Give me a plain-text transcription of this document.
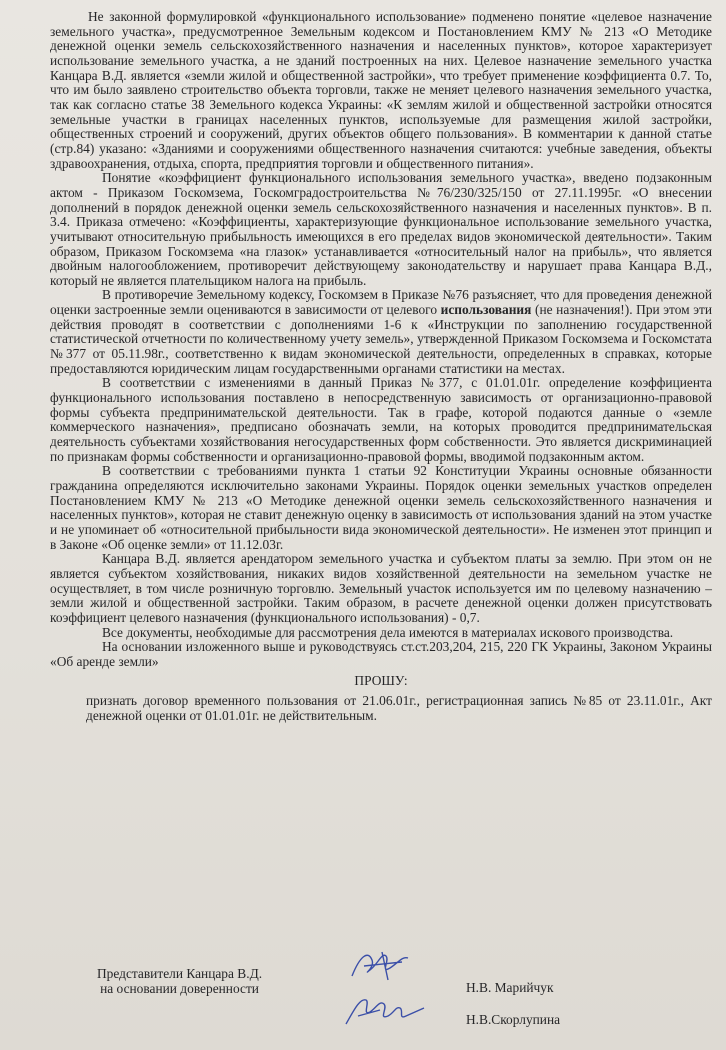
Не законной формулировкой «функционального использование» подменено понятие «целевое назначение земельного участка», предусмотренное Земельным кодексом и Постановлением КМУ № 213 «О Методике денежной оценки земель сельскохозяйственного назначения и населенных пунктов», которое характеризует использование земельного участка, а не зданий построенных на них. Целевое назначение земельного участка Канцара В.Д. является «земли жилой и общественной застройки», что требует применение коэффициента 0.7. То, что им было заявлено строительство объекта торговли, также не меняет целевого назначения земельного участка, так как согласно статье 38 Земельного кодекса Украины: «К землям жилой и общественной застройки относятся земельные участки в границах населенных пунктов, используемые для размещения жилой застройки, общественных строений и сооружений, других объектов общего пользования». В комментарии к данной статье (стр.84) указано: «Зданиями и сооружениями общественного назначения считаются: учебные заведения, объекты здравоохранения, отдыха, спорта, предприятия торговли и общественного питания».

Понятие «коэффициент функционального использования земельного участка», введено подзаконным актом - Приказом Госкомзема, Госкомградостроительства №76/230/325/150 от 27.11.1995г. «О внесении дополнений в порядок денежной оценки земель сельскохозяйственного назначения и населенных пунктов». В п. 3.4. Приказа отмечено: «Коэффициенты, характеризующие функциональное использование земельного участка, учитывают относительную прибыльность имеющихся в его пределах видов экономической деятельности». Таким образом, Приказом Госкомзема «на глазок» устанавливается «относительный налог на прибыль», что является двойным налогообложением, противоречит действующему законодательству и нарушает права Канцара В.Д., который не является плательщиком налога на прибыль.

В противоречие Земельному кодексу, Госкомзем в Приказе №76 разъясняет, что для проведения денежной оценки застроенные земли оцениваются в зависимости от целевого использования (не назначения!). При этом эти действия проводят в соответствии с дополнениями 1-6 к «Инструкции по заполнению государственной статистической отчетности по количественному учету земель», утвержденной Приказом Госкомзема и Госкомстата №377 от 05.11.98г., соответственно к видам экономической деятельности, определенных в справках, которые предоставляются юридическим лицам государственными органами статистики на местах.

В соответствии с изменениями в данный Приказ №377, с 01.01.01г. определение коэффициента функционального использования поставлено в непосредственную зависимость от организационно-правовой формы субъекта предпринимательской деятельности. Так в графе, которой подаются данные о «земле коммерческого назначения», предписано обозначать земли, на которых проводится предпринимательская деятельность субъектами хозяйствования негосударственных форм собственности. Это является дискриминацией по признакам формы собственности и организационно-правовой формы, вводимой подзаконным актом.

В соответствии с требованиями пункта 1 статьи 92 Конституции Украины основные обязанности гражданина определяются исключительно законами Украины. Порядок оценки земельных участков определен Постановлением КМУ № 213 «О Методике денежной оценки земель сельскохозяйственного назначения и населенных пунктов», которая не ставит денежную оценку в зависимость от использования зданий на этом участке и не упоминает об «относительной прибыльности вида экономической деятельности». Не изменен этот принцип и в Законе «Об оценке земли» от 11.12.03г.

Канцара В.Д. является арендатором земельного участка и субъектом платы за землю. При этом он не является субъектом хозяйствования, никаких видов хозяйственной деятельности на земельном участке не осуществляет, в том числе розничную торговлю. Земельный участок используется им по целевому назначению – земли жилой и общественной застройки. Таким образом, в расчете денежной оценки должен присутствовать коэффициент целевого назначения (функционального использования) - 0,7.

Все документы, необходимые для рассмотрения дела имеются в материалах искового производства.

На основании изложенного выше и руководствуясь ст.ст.203,204, 215, 220 ГК Украины, Законом Украины «Об аренде земли»

ПРОШУ:

признать договор временного пользования от 21.06.01г., регистрационная запись №85 от 23.11.01г., Акт денежной оценки от 01.01.01г. не действительным.

Представители Канцара В.Д.
на основании доверенности	Н.В. Марийчук
Н.В.Скорлупина
